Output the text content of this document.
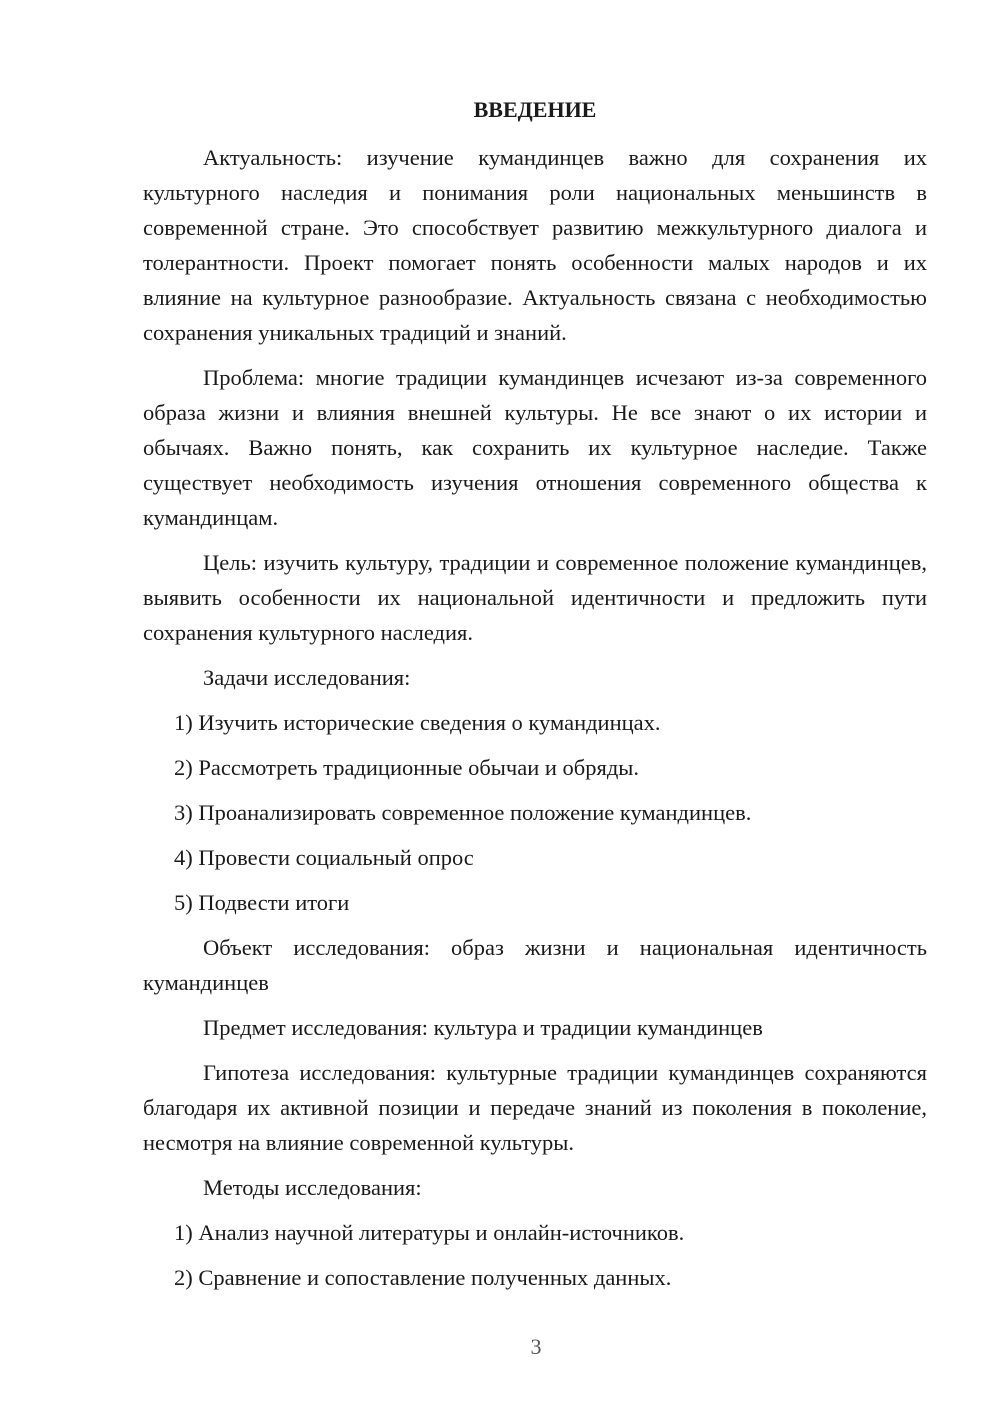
ВВЕДЕНИЕ

Актуальность: изучение кумандинцев важно для сохранения их культурного наследия и понимания роли национальных меньшинств в современной стране. Это способствует развитию межкультурного диалога и толерантности. Проект помогает понять особенности малых народов и их влияние на культурное разнообразие. Актуальность связана с необходимостью сохранения уникальных традиций и знаний.

Проблема: многие традиции кумандинцев исчезают из-за современного образа жизни и влияния внешней культуры. Не все знают о их истории и обычаях. Важно понять, как сохранить их культурное наследие. Также существует необходимость изучения отношения современного общества к кумандинцам.

Цель: изучить культуру, традиции и современное положение кумандинцев, выявить особенности их национальной идентичности и предложить пути сохранения культурного наследия.

Задачи исследования:

1) Изучить исторические сведения о кумандинцах.
2) Рассмотреть традиционные обычаи и обряды.
3) Проанализировать современное положение кумандинцев.
4) Провести социальный опрос
5) Подвести итоги

Объект исследования: образ жизни и национальная идентичность кумандинцев

Предмет исследования: культура и традиции кумандинцев

Гипотеза исследования: культурные традиции кумандинцев сохраняются благодаря их активной позиции и передаче знаний из поколения в поколение, несмотря на влияние современной культуры.

Методы исследования:

1) Анализ научной литературы и онлайн-источников.
2) Сравнение и сопоставление полученных данных.
3
